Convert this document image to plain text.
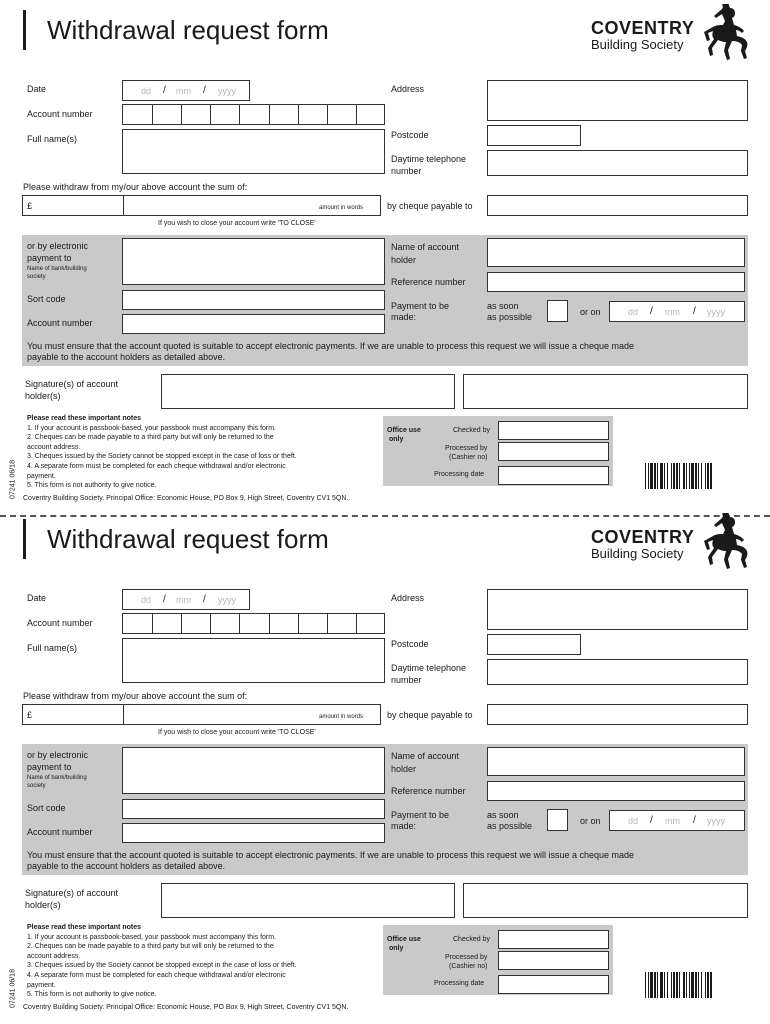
Withdrawal request form	COVENTRY
Building Society
Date	dd / mm / yyyy
Account number
Full name(s)
Address
Postcode
Daytime telephone
number
Please withdraw from my/our above account the sum of:
£	amount in words	by cheque payable to
If you wish to close your account write 'TO CLOSE'
or by electronic
payment to
Name of bank/building
society
Sort code
Account number
Name of account
holder
Reference number
Payment to be
made:
as soon
as possible	or on	dd / mm / yyyy
You must ensure that the account quoted is suitable to accept electronic payments. If we are unable to process this request we will issue a cheque made
payable to the account holders as detailed above.
Signature(s) of account
holder(s)

Please read these important notes

1. If your account is passbook-based, your passbook must accompany this form.

2. Cheques can be made payable to a third party but will only be returned to the

account address.

3. Cheques issued by the Society cannot be stopped except in the case of loss or theft.

4. A separate form must be completed for each cheque withdrawal and/or electronic

payment.

5. This form is not authority to give notice.

Office use
only
Checked by
Processed by
(Cashier no)
Processing date
07241 06/18 Coventry Building Society. Principal Office: Economic House, PO Box 9, High Street, Coventry CV1 5QN.
Withdrawal request form	COVENTRY
Building Society
Date	dd / mm / yyyy
Account number
Full name(s)
Address
Postcode
Daytime telephone
number
Please withdraw from my/our above account the sum of:
£	amount in words	by cheque payable to
If you wish to close your account write 'TO CLOSE'
or by electronic
payment to
Name of bank/building
society
Sort code
Account number
Name of account
holder
Reference number
Payment to be
made:
as soon
as possible	or on	dd / mm / yyyy
You must ensure that the account quoted is suitable to accept electronic payments. If we are unable to process this request we will issue a cheque made
payable to the account holders as detailed above.
Signature(s) of account
holder(s)

Please read these important notes

1. If your account is passbook-based, your passbook must accompany this form.

2. Cheques can be made payable to a third party but will only be returned to the

account address.

3. Cheques issued by the Society cannot be stopped except in the case of loss or theft.

4. A separate form must be completed for each cheque withdrawal and/or electronic

payment.

5. This form is not authority to give notice.

Office use
only
Checked by
Processed by
(Cashier no)
Processing date
07241 06/18 Coventry Building Society. Principal Office: Economic House, PO Box 9, High Street, Coventry CV1 5QN.
